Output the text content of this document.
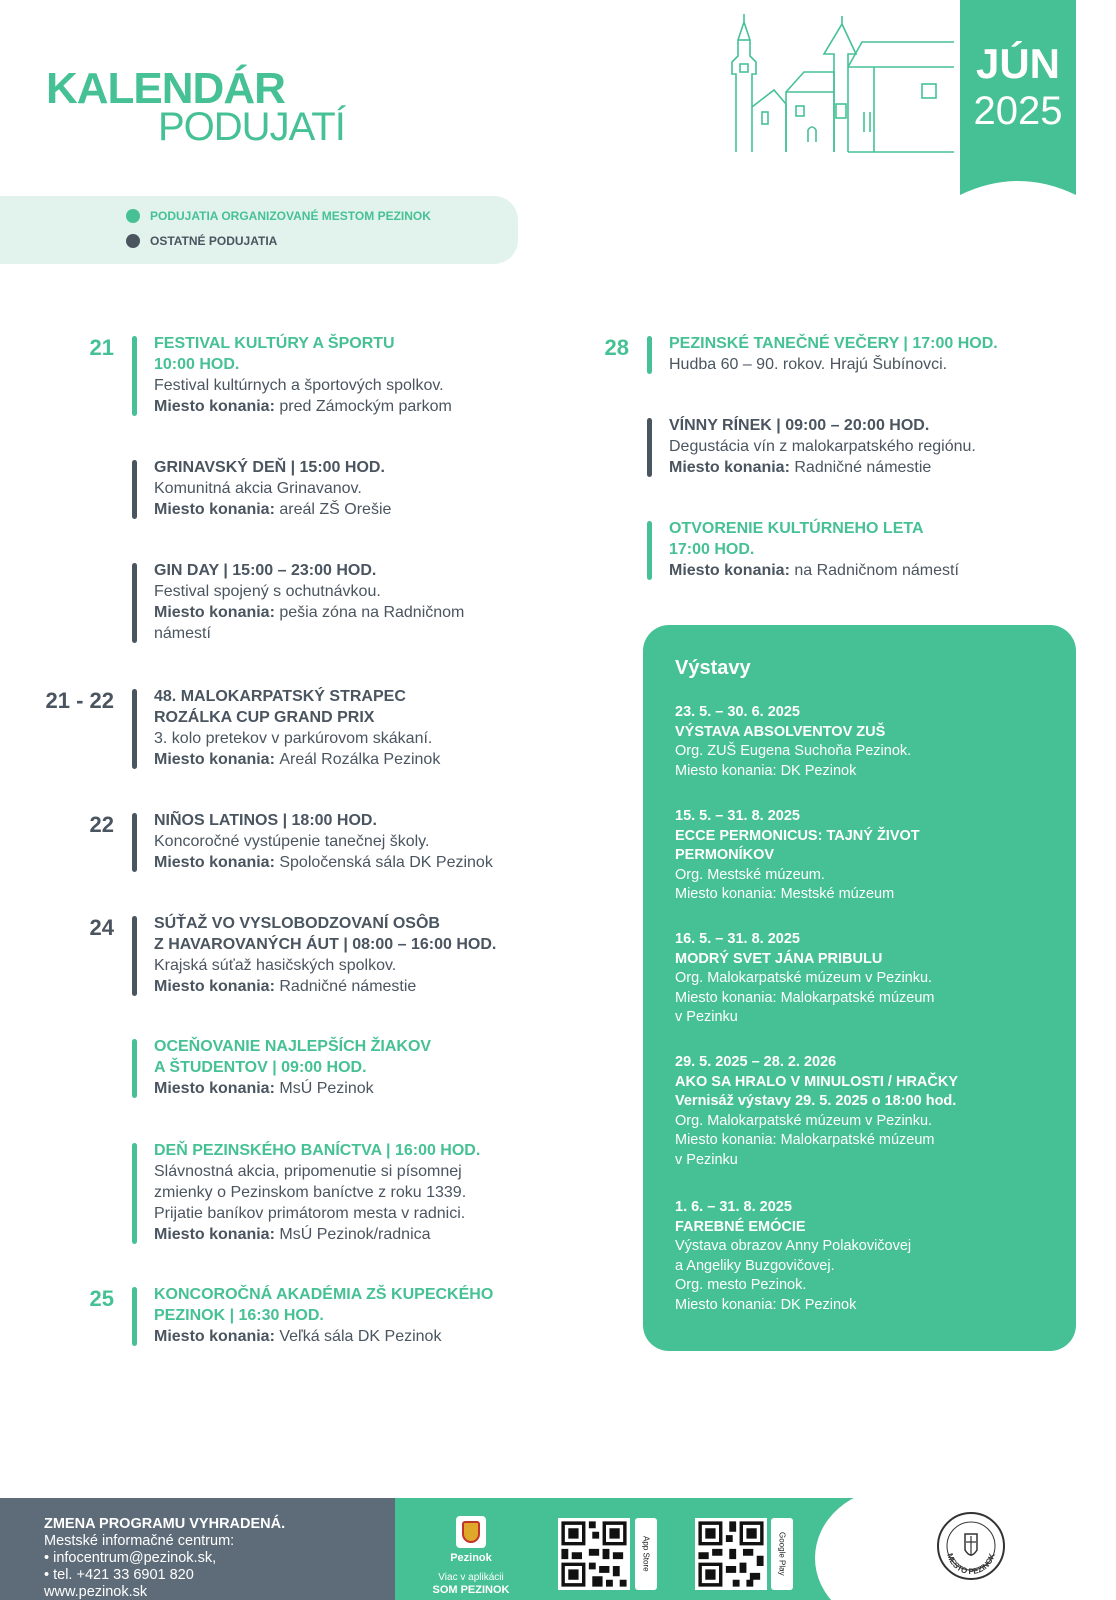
KALENDÁR
PODUJATÍ
JÚN
2025
PODUJATIA ORGANIZOVANÉ MESTOM PEZINOK
OSTATNÉ PODUJATIA
21	FESTIVAL KULTÚRY A ŠPORTU
10:00 HOD.
Festival kultúrnych a športových spolkov.
Miesto konania: pred Zámockým parkom
GRINAVSKÝ DEŇ | 15:00 HOD.
Komunitná akcia Grinavanov.
Miesto konania: areál ZŠ Orešie
GIN DAY | 15:00 – 23:00 HOD.
Festival spojený s ochutnávkou.
Miesto konania: pešia zóna na Radničnom
námestí
21 - 22	48. MALOKARPATSKÝ STRAPEC
ROZÁLKA CUP GRAND PRIX
3. kolo pretekov v parkúrovom skákaní.
Miesto konania: Areál Rozálka Pezinok
22	NIÑOS LATINOS | 18:00 HOD.
Koncoročné vystúpenie tanečnej školy.
Miesto konania: Spoločenská sála DK Pezinok
24	SÚŤAŽ VO VYSLOBODZOVANÍ OSÔB
Z HAVAROVANÝCH ÁUT | 08:00 – 16:00 HOD.
Krajská súťaž hasičských spolkov.
Miesto konania: Radničné námestie
OCEŇOVANIE NAJLEPŠÍCH ŽIAKOV
A ŠTUDENTOV | 09:00 HOD.
Miesto konania: MsÚ Pezinok
DEŇ PEZINSKÉHO BANÍCTVA | 16:00 HOD.
Slávnostná akcia, pripomenutie si písomnej
zmienky o Pezinskom baníctve z roku 1339.
Prijatie baníkov primátorom mesta v radnici.
Miesto konania: MsÚ Pezinok/radnica
25	KONCOROČNÁ AKADÉMIA ZŠ KUPECKÉHO
PEZINOK | 16:30 HOD.
Miesto konania: Veľká sála DK Pezinok
28	PEZINSKÉ TANEČNÉ VEČERY | 17:00 HOD.
Hudba 60 – 90. rokov. Hrajú Šubínovci.
VÍNNY RÍNEK | 09:00 – 20:00 HOD.
Degustácia vín z malokarpatského regiónu.
Miesto konania: Radničné námestie
OTVORENIE KULTÚRNEHO LETA
17:00 HOD.
Miesto konania: na Radničnom námestí
Výstavy
23. 5. – 30. 6. 2025
VÝSTAVA ABSOLVENTOV ZUŠ
Org. ZUŠ Eugena Suchoňa Pezinok.
Miesto konania: DK Pezinok
15. 5. – 31. 8. 2025
ECCE PERMONICUS: TAJNÝ ŽIVOT
PERMONÍKOV
Org. Mestské múzeum.
Miesto konania: Mestské múzeum
16. 5. – 31. 8. 2025
MODRÝ SVET JÁNA PRIBULU
Org. Malokarpatské múzeum v Pezinku.
Miesto konania: Malokarpatské múzeum
v Pezinku
29. 5. 2025 – 28. 2. 2026
AKO SA HRALO V MINULOSTI / HRAČKY
Vernisáž výstavy 29. 5. 2025 o 18:00 hod.
Org. Malokarpatské múzeum v Pezinku.
Miesto konania: Malokarpatské múzeum
v Pezinku
1. 6. – 31. 8. 2025
FAREBNÉ EMÓCIE
Výstava obrazov Anny Polakovičovej
a Angeliky Buzgovičovej.
Org. mesto Pezinok.
Miesto konania: DK Pezinok
ZMENA PROGRAMU VYHRADENÁ.
Mestské informačné centrum:
• infocentrum@pezinok.sk,
• tel. +421 33 6901 820
www.pezinok.sk
Pezinok
Viac v aplikácii
SOM PEZINOK
App Store	Google Play	MESTO PEZINOK
